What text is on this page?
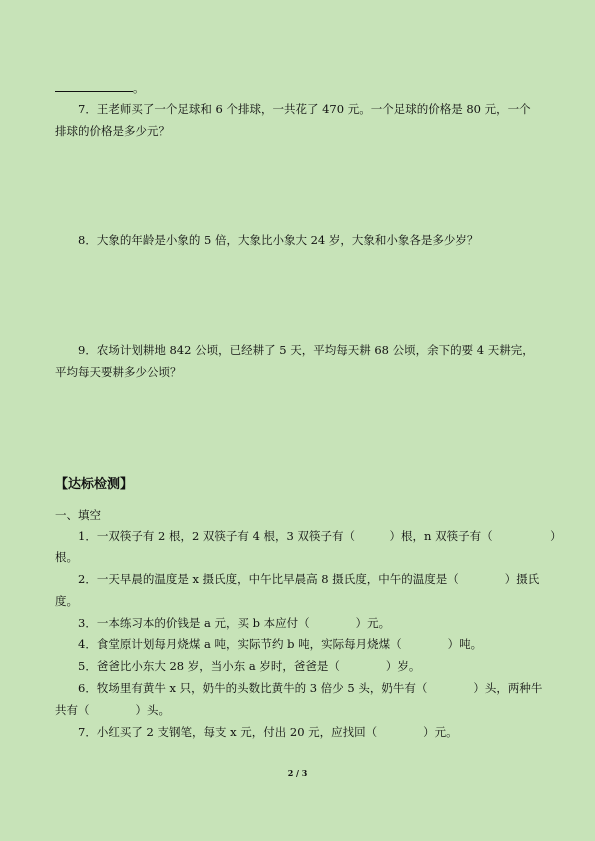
。
7．王老师买了一个足球和 6 个排球，一共花了 470 元。一个足球的价格是 80 元，一个
排球的价格是多少元？
8．大象的年龄是小象的 5 倍，大象比小象大 24 岁，大象和小象各是多少岁？
9．农场计划耕地 842 公顷，已经耕了 5 天，平均每天耕 68 公顷，余下的要 4 天耕完，
平均每天要耕多少公顷？
【达标检测】
一、填空
1．一双筷子有 2 根，2 双筷子有 4 根，3 双筷子有（　　　）根，n 双筷子有（　　　　　）
根。
2．一天早晨的温度是 x 摄氏度，中午比早晨高 8 摄氏度，中午的温度是（　　　　）摄氏
度。
3．一本练习本的价钱是 a 元，买 b 本应付（　　　　）元。
4．食堂原计划每月烧煤 a 吨，实际节约 b 吨，实际每月烧煤（　　　　）吨。
5．爸爸比小东大 28 岁，当小东 a 岁时，爸爸是（　　　　）岁。
6．牧场里有黄牛 x 只，奶牛的头数比黄牛的 3 倍少 5 头，奶牛有（　　　　）头，两种牛
共有（　　　　）头。
7．小红买了 2 支钢笔，每支 x 元，付出 20 元，应找回（　　　　）元。
2 / 3
